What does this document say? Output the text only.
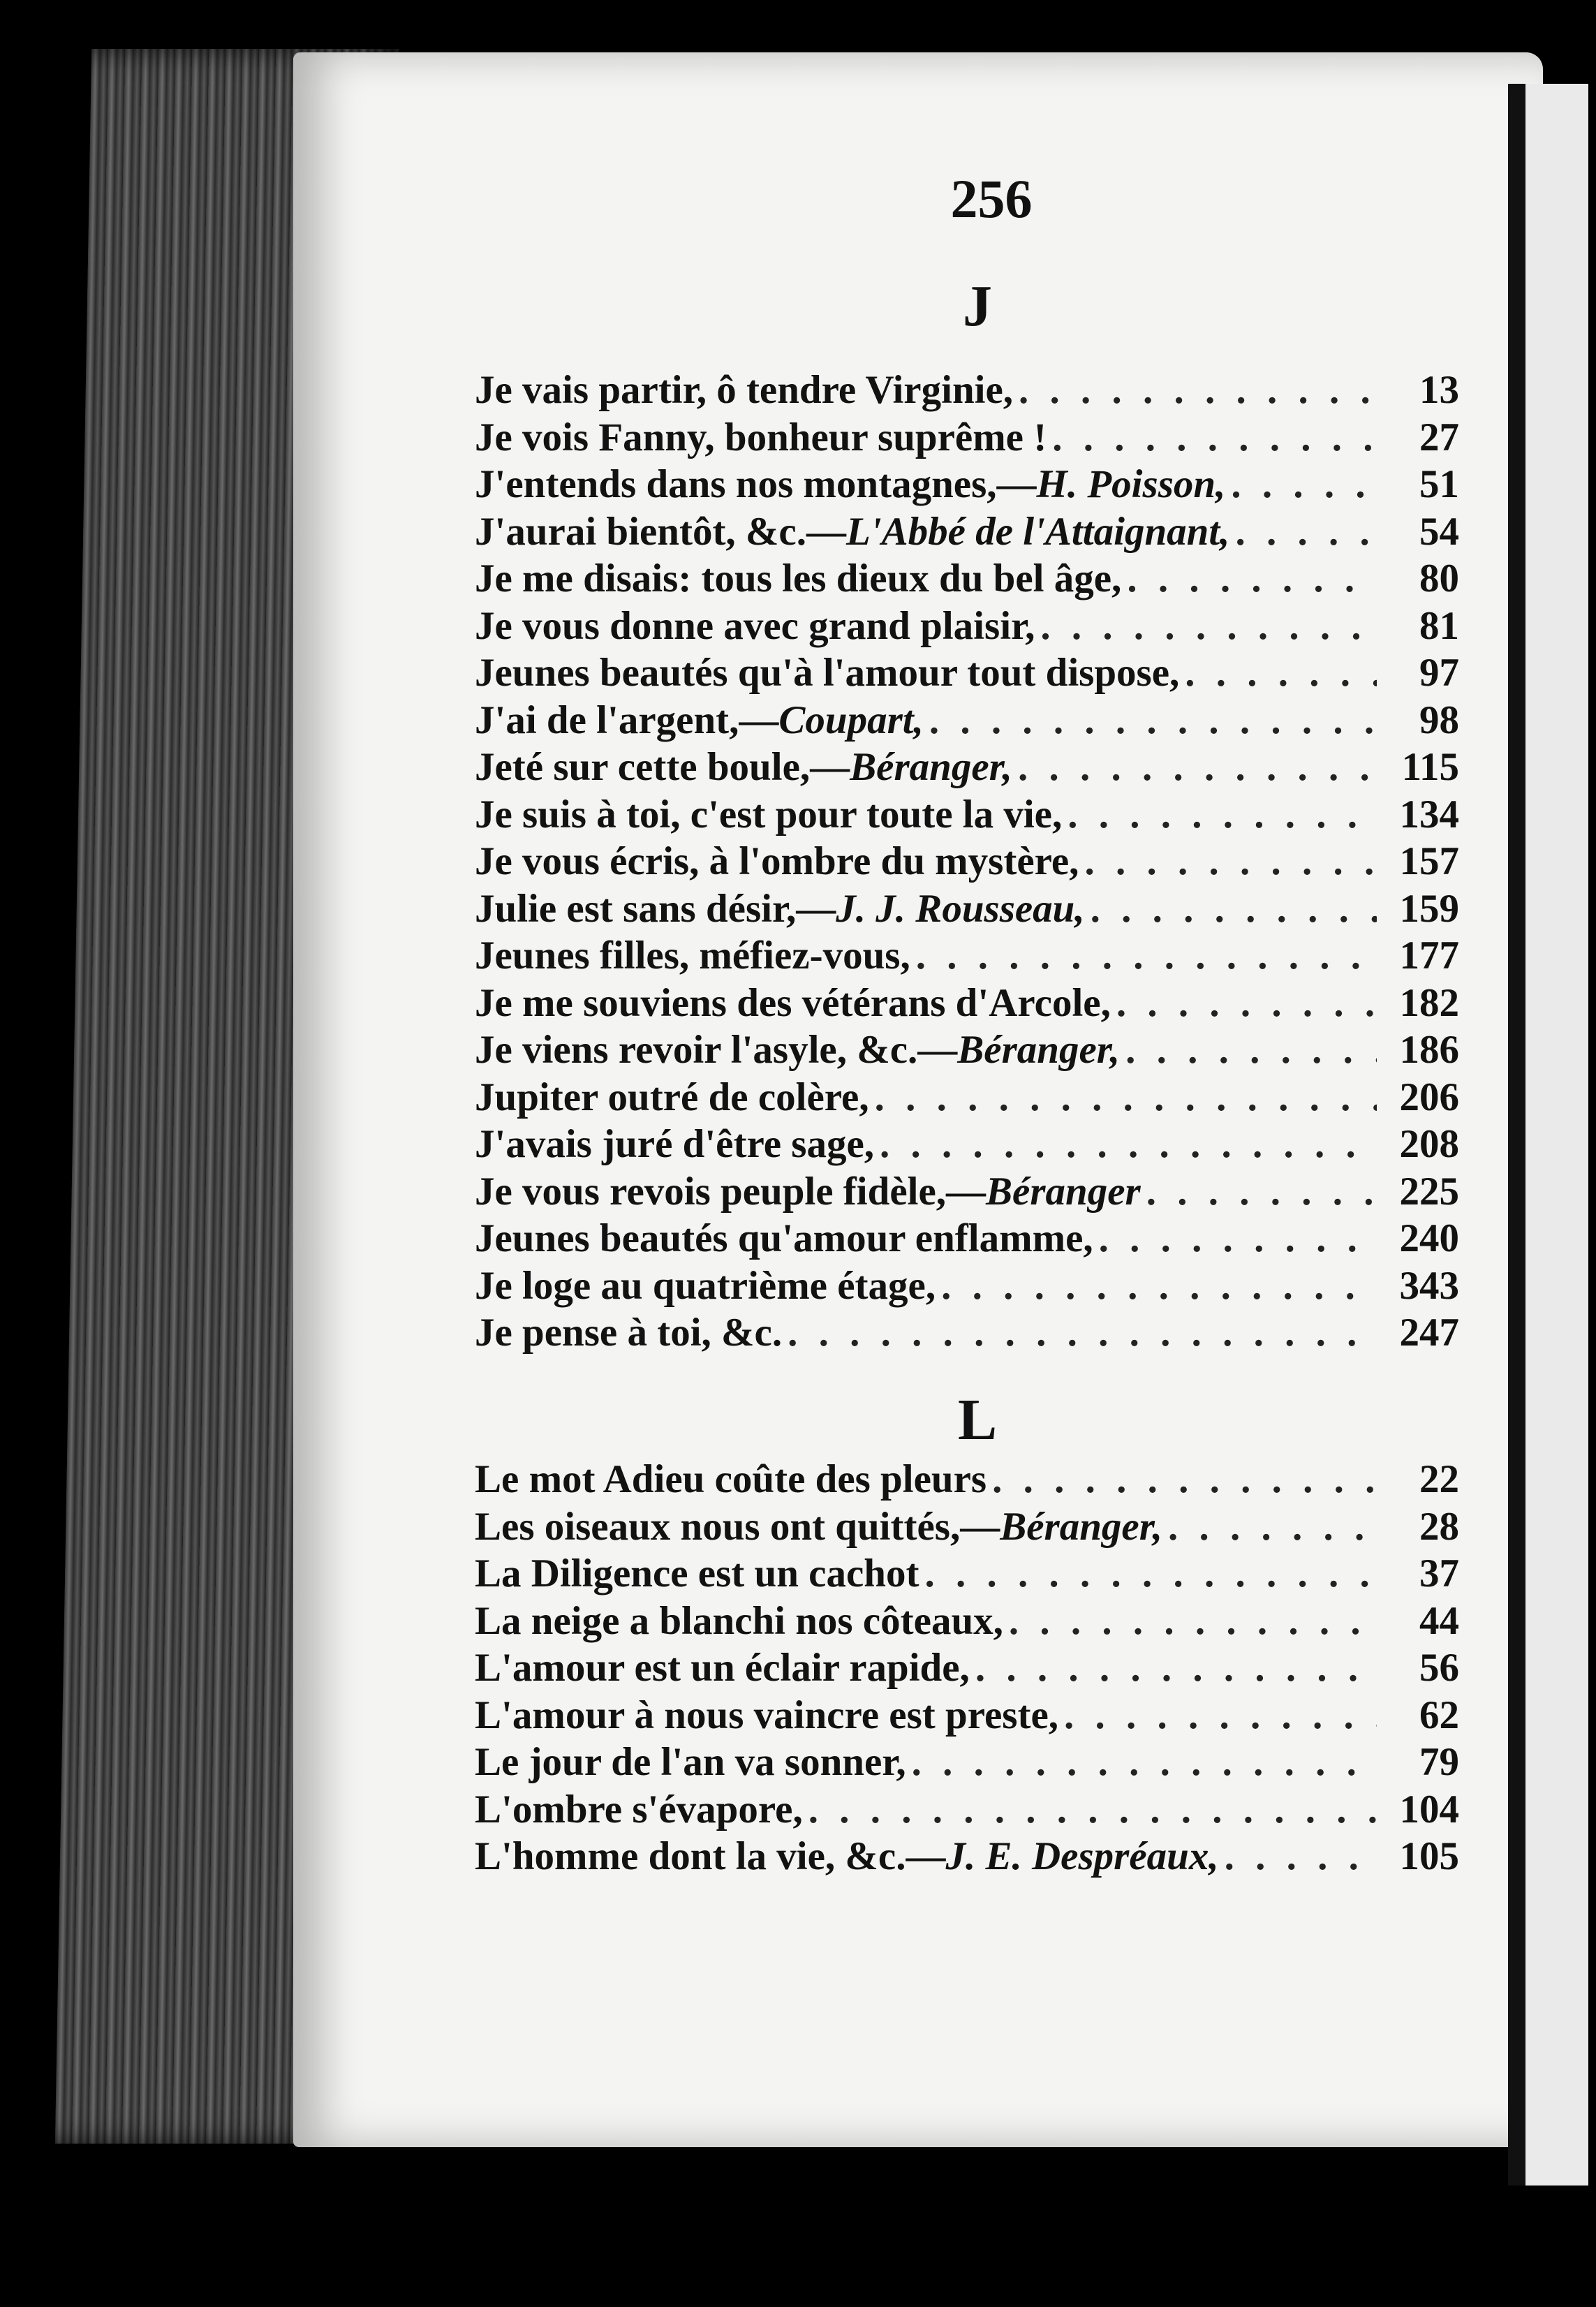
256
J
Je vais partir, ô tendre Virginie, . . .	13
Je vois Fanny, bonheur suprême ! . . .	27
J'entends dans nos montagnes,— H. Poisson, . . .	51
J'aurai bientôt, &c.— L'Abbé de l'Attaignant, . . .	54
Je me disais: tous les dieux du bel âge, . . .	80
Je vous donne avec grand plaisir, . . .	81
Jeunes beautés qu'à l'amour tout dispose, . . .	97
J'ai de l'argent,— Coupart, . . .	98
Jeté sur cette boule,— Béranger, . . .	115
Je suis à toi, c'est pour toute la vie, . . .	134
Je vous écris, à l'ombre du mystère, . . .	157
Julie est sans désir,— J. J. Rousseau, . . .	159
Jeunes filles, méfiez-vous, . . .	177
Je me souviens des vétérans d'Arcole, . . .	182
Je viens revoir l'asyle, &c.— Béranger, . . .	186
Jupiter outré de colère, . . .	206
J'avais juré d'être sage, . . .	208
Je vous revois peuple fidèle,— Béranger . . .	225
Jeunes beautés qu'amour enflamme, . . .	240
Je loge au quatrième étage, . . .	343
Je pense à toi, &c. . . .	247
L
Le mot Adieu coûte des pleurs . . .	22
Les oiseaux nous ont quittés,— Béranger, . . .	28
La Diligence est un cachot . . .	37
La neige a blanchi nos côteaux, . . .	44
L'amour est un éclair rapide, . . .	56
L'amour à nous vaincre est preste, . . .	62
Le jour de l'an va sonner, . . .	79
L'ombre s'évapore, . . .	104
L'homme dont la vie, &c.— J. E. Despréaux, . . .	105
